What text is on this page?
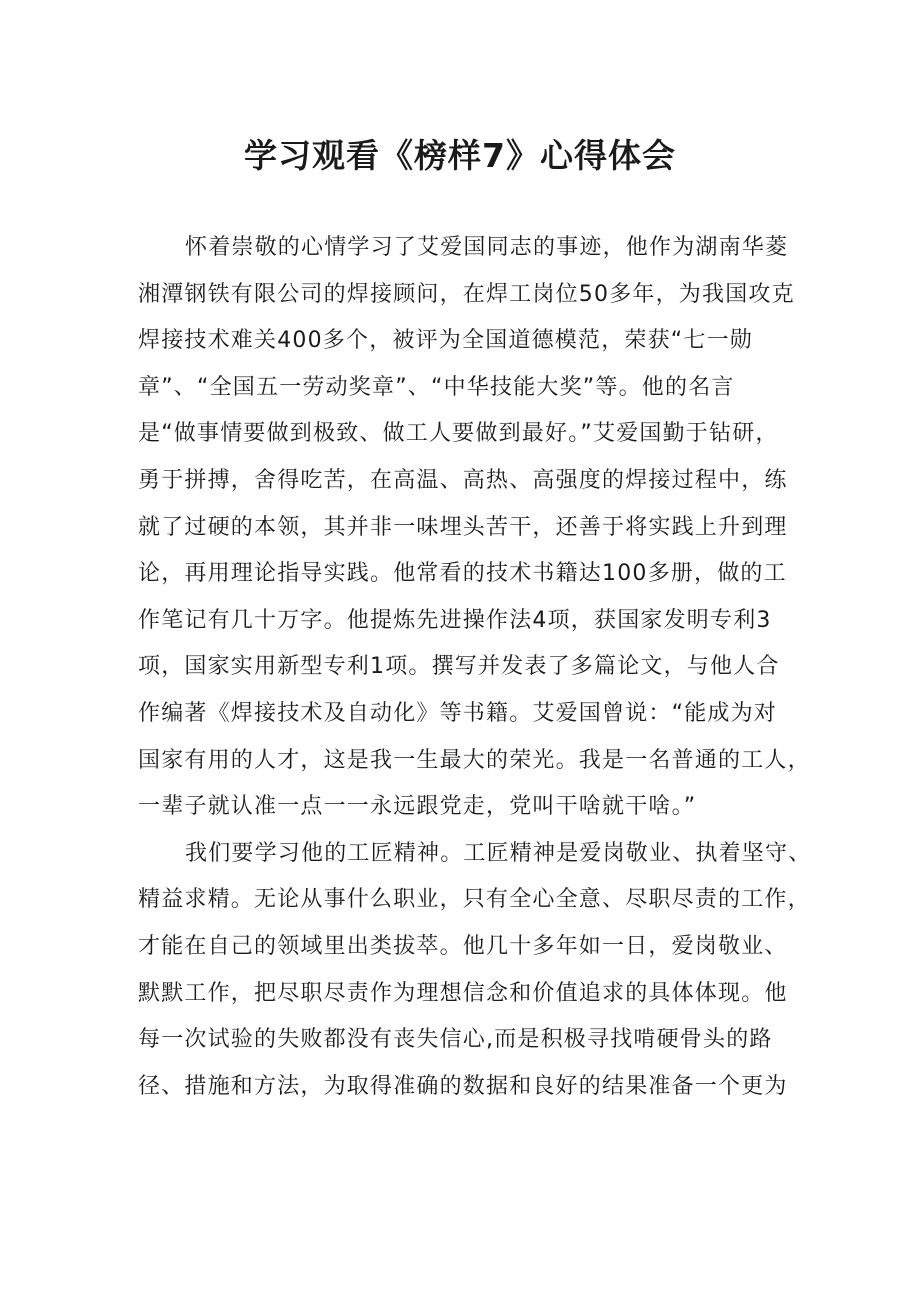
学习观看《榜样7》心得体会
怀着崇敬的心情学习了艾爱国同志的事迹，他作为湖南华菱
湘潭钢铁有限公司的焊接顾问，在焊工岗位50多年，为我国攻克
焊接技术难关400多个，被评为全国道德模范，荣获“七一勋
章”、“全国五一劳动奖章”、“中华技能大奖”等。他的名言
是“做事情要做到极致、做工人要做到最好。”艾爱国勤于钻研，
勇于拼搏，舍得吃苦，在高温、高热、高强度的焊接过程中，练
就了过硬的本领，其并非一味埋头苦干，还善于将实践上升到理
论，再用理论指导实践。他常看的技术书籍达100多册，做的工
作笔记有几十万字。他提炼先进操作法4项，获国家发明专利3
项，国家实用新型专利1项。撰写并发表了多篇论文，与他人合
作编著《焊接技术及自动化》等书籍。艾爱国曾说：“能成为对
国家有用的人才，这是我一生最大的荣光。我是一名普通的工人，
一辈子就认准一点一一永远跟党走，党叫干啥就干啥。”
我们要学习他的工匠精神。工匠精神是爱岗敬业、执着坚守、
精益求精。无论从事什么职业，只有全心全意、尽职尽责的工作，
才能在自己的领域里出类拔萃。他几十多年如一日，爱岗敬业、
默默工作，把尽职尽责作为理想信念和价值追求的具体体现。他
每一次试验的失败都没有丧失信心,而是积极寻找啃硬骨头的路
径、措施和方法，为取得准确的数据和良好的结果准备一个更为
